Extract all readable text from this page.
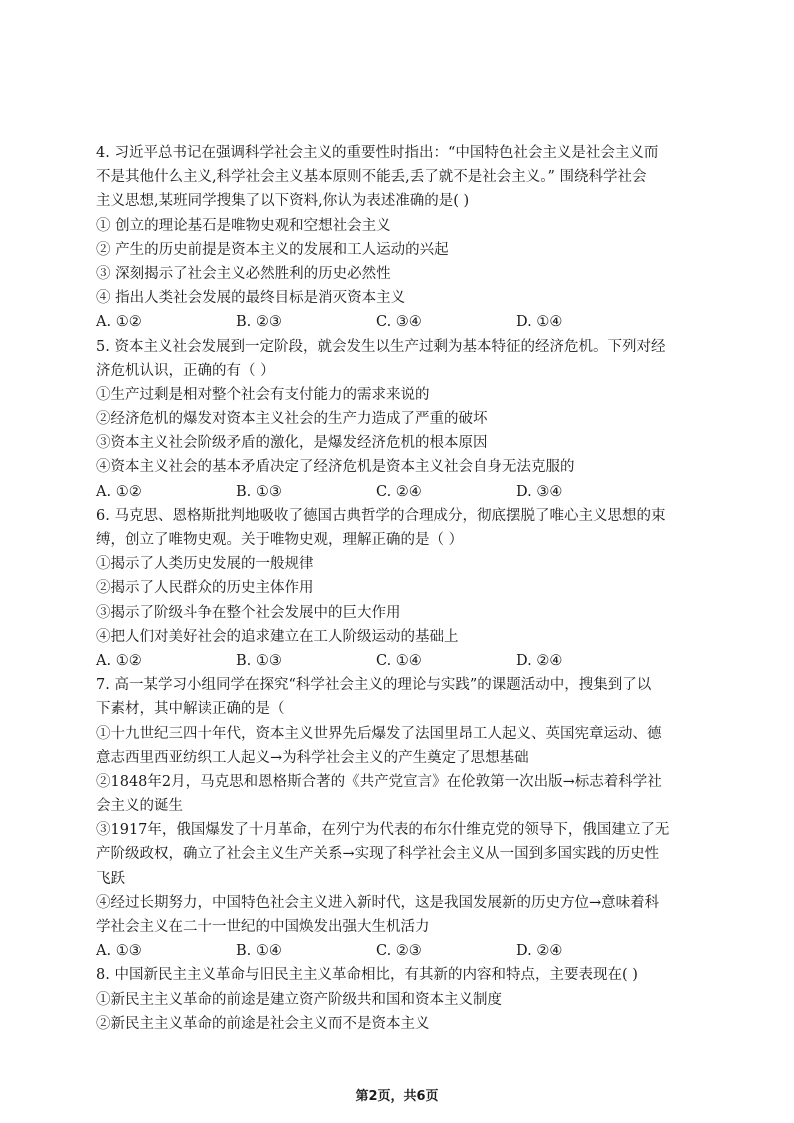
4. 习近平总书记在强调科学社会主义的重要性时指出：“中国特色社会主义是社会主义而
不是其他什么主义,科学社会主义基本原则不能丢,丢了就不是社会主义。” 围绕科学社会
主义思想,某班同学搜集了以下资料,你认为表述准确的是( )
① 创立的理论基石是唯物史观和空想社会主义
② 产生的历史前提是资本主义的发展和工人运动的兴起
③ 深刻揭示了社会主义必然胜利的历史必然性
④ 指出人类社会发展的最终目标是消灭资本主义
A. ①②	B. ②③	C. ③④	D. ①④
5. 资本主义社会发展到一定阶段，就会发生以生产过剩为基本特征的经济危机。下列对经
济危机认识，正确的有（ ）
①生产过剩是相对整个社会有支付能力的需求来说的
②经济危机的爆发对资本主义社会的生产力造成了严重的破坏
③资本主义社会阶级矛盾的激化，是爆发经济危机的根本原因
④资本主义社会的基本矛盾决定了经济危机是资本主义社会自身无法克服的
A. ①②	B. ①③	C. ②④	D. ③④
6. 马克思、恩格斯批判地吸收了德国古典哲学的合理成分，彻底摆脱了唯心主义思想的束
缚，创立了唯物史观。关于唯物史观，理解正确的是（ ）
①揭示了人类历史发展的一般规律
②揭示了人民群众的历史主体作用
③揭示了阶级斗争在整个社会发展中的巨大作用
④把人们对美好社会的追求建立在工人阶级运动的基础上
A. ①②	B. ①③	C. ①④	D. ②④
7. 高一某学习小组同学在探究“科学社会主义的理论与实践”的课题活动中，搜集到了以
下素材，其中解读正确的是（
①十九世纪三四十年代，资本主义世界先后爆发了法国里昂工人起义、英国宪章运动、德
意志西里西亚纺织工人起义→为科学社会主义的产生奠定了思想基础
②1848年2月，马克思和恩格斯合著的《共产党宣言》在伦敦第一次出版→标志着科学社
会主义的诞生
③1917年，俄国爆发了十月革命，在列宁为代表的布尔什维克党的领导下，俄国建立了无
产阶级政权，确立了社会主义生产关系→实现了科学社会主义从一国到多国实践的历史性
飞跃
④经过长期努力，中国特色社会主义进入新时代，这是我国发展新的历史方位→意味着科
学社会主义在二十一世纪的中国焕发出强大生机活力
A. ①③	B. ①④	C. ②③	D. ②④
8. 中国新民主主义革命与旧民主主义革命相比，有其新的内容和特点，主要表现在( )
①新民主主义革命的前途是建立资产阶级共和国和资本主义制度
②新民主主义革命的前途是社会主义而不是资本主义
第2页，共6页
